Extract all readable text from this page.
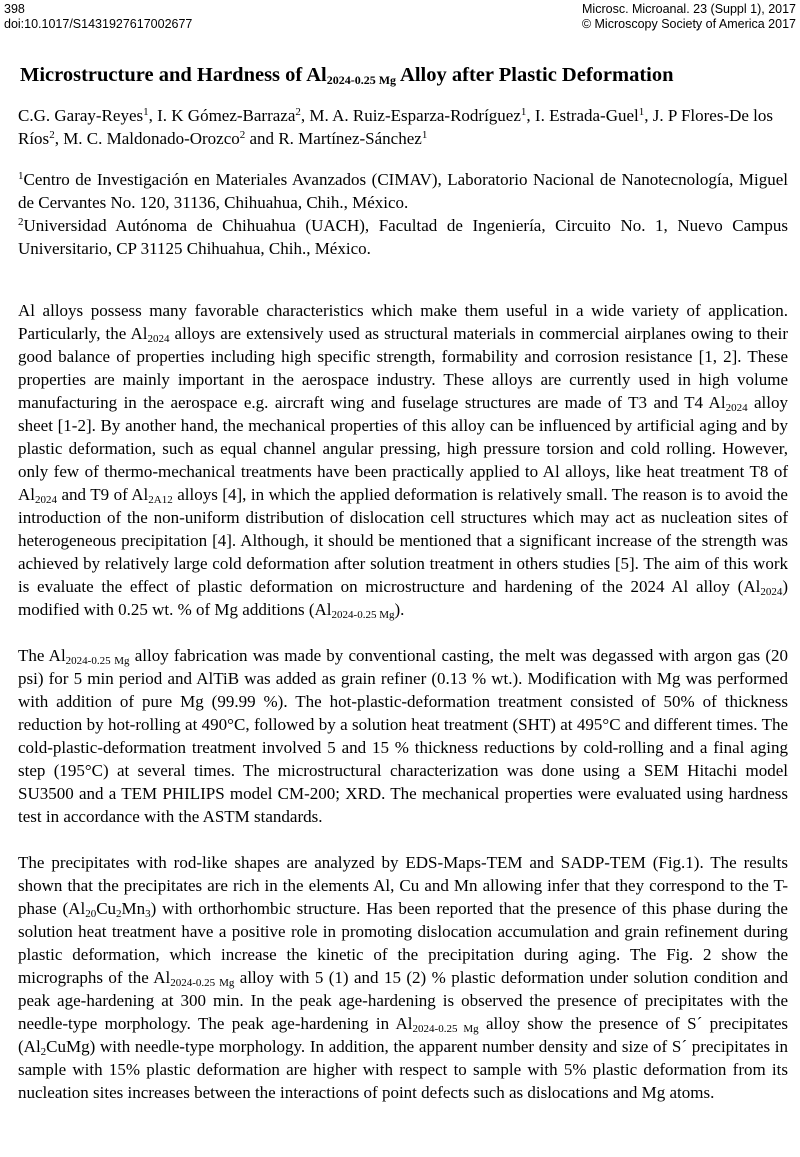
398
doi:10.1017/S1431927617002677
Microsc. Microanal. 23 (Suppl 1), 2017
© Microscopy Society of America 2017
Microstructure and Hardness of $Al_{2024-0.25 Mg}$ Alloy after Plastic Deformation
C.G. Garay-Reyes$^1$, I. K Gómez-Barraza$^2$, M. A. Ruiz-Esparza-Rodríguez$^1$, I. Estrada-Guel$^1$, J. P Flores-De los Ríos$^2$, M. C. Maldonado-Orozco$^2$ and R. Martínez-Sánchez$^1$
$^1$Centro de Investigación en Materiales Avanzados (CIMAV), Laboratorio Nacional de Nanotecnología, Miguel de Cervantes No. 120, 31136, Chihuahua, Chih., México.
$^2$Universidad Autónoma de Chihuahua (UACH), Facultad de Ingeniería, Circuito No. 1, Nuevo Campus Universitario, CP 31125 Chihuahua, Chih., México.
Al alloys possess many favorable characteristics which make them useful in a wide variety of application. Particularly, the $Al_{2024}$ alloys are extensively used as structural materials in commercial airplanes owing to their good balance of properties including high specific strength, formability and corrosion resistance [1, 2]. These properties are mainly important in the aerospace industry. These alloys are currently used in high volume manufacturing in the aerospace e.g. aircraft wing and fuselage structures are made of T3 and T4 $Al_{2024}$ alloy sheet [1-2]. By another hand, the mechanical properties of this alloy can be influenced by artificial aging and by plastic deformation, such as equal channel angular pressing, high pressure torsion and cold rolling. However, only few of thermo-mechanical treatments have been practically applied to Al alloys, like heat treatment T8 of $Al_{2024}$ and T9 of $Al_{2A12}$ alloys [4], in which the applied deformation is relatively small. The reason is to avoid the introduction of the non-uniform distribution of dislocation cell structures which may act as nucleation sites of heterogeneous precipitation [4]. Although, it should be mentioned that a significant increase of the strength was achieved by relatively large cold deformation after solution treatment in others studies [5]. The aim of this work is evaluate the effect of plastic deformation on microstructure and hardening of the 2024 Al alloy $(Al_{2024})$ modified with 0.25 wt. % of Mg additions $(Al_{2024-0.25 Mg})$.
The $Al_{2024-0.25 Mg}$ alloy fabrication was made by conventional casting, the melt was degassed with argon gas (20 psi) for 5 min period and AlTiB was added as grain refiner (0.13 % wt.). Modification with Mg was performed with addition of pure Mg (99.99 %). The hot-plastic-deformation treatment consisted of 50% of thickness reduction by hot-rolling at 490°C, followed by a solution heat treatment (SHT) at 495°C and different times. The cold-plastic-deformation treatment involved 5 and 15 % thickness reductions by cold-rolling and a final aging step (195°C) at several times. The microstructural characterization was done using a SEM Hitachi model SU3500 and a TEM PHILIPS model CM-200; XRD. The mechanical properties were evaluated using hardness test in accordance with the ASTM standards.
The precipitates with rod-like shapes are analyzed by EDS-Maps-TEM and SADP-TEM (Fig.1). The results shown that the precipitates are rich in the elements Al, Cu and Mn allowing infer that they correspond to the T-phase $(Al_{20}Cu_2Mn_3)$ with orthorhombic structure. Has been reported that the presence of this phase during the solution heat treatment have a positive role in promoting dislocation accumulation and grain refinement during plastic deformation, which increase the kinetic of the precipitation during aging. The Fig. 2 show the micrographs of the $Al_{2024-0.25 Mg}$ alloy with 5 (1) and 15 (2) % plastic deformation under solution condition and peak age-hardening at 300 min. In the peak age-hardening is observed the presence of precipitates with the needle-type morphology. The peak age-hardening in $Al_{2024-0.25 Mg}$ alloy show the presence of S´ precipitates $(Al_2CuMg)$ with needle-type morphology. In addition, the apparent number density and size of S´ precipitates in sample with 15% plastic deformation are higher with respect to sample with 5% plastic deformation from its nucleation sites increases between the interactions of point defects such as dislocations and Mg atoms.
